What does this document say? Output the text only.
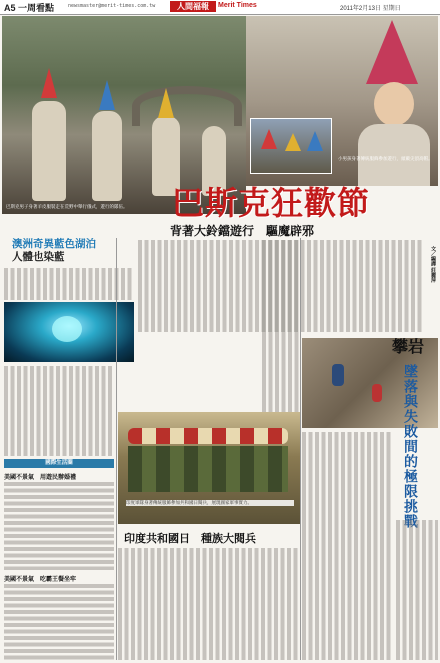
A5 一周看點	newsmaster@merit-times.com.tw	人間福報	Merit Times	2011年2月13日 星期日
巴斯克男子身著羊皮服裝走在荒野中舉行儀式，遊行的隊伍。
小男孩身著傳統服飾參加遊行，頭戴尖頂高帽。
巴斯克狂歡節
背著大鈴鐺遊行　驅魔辟邪
文／編譯 莊麗萍
澳洲奇異藍色湖泊
人體也染藍
攀岩
墜落與失敗間的極限挑戰
印度軍隊身著傳統服飾參加共和國日閱兵，展現國家軍事實力。
印度共和國日　種族大閱兵
國際生活圈
美國不景氣　用遊民辦婚禮
美國不景氣　吃霸王餐坐牢
